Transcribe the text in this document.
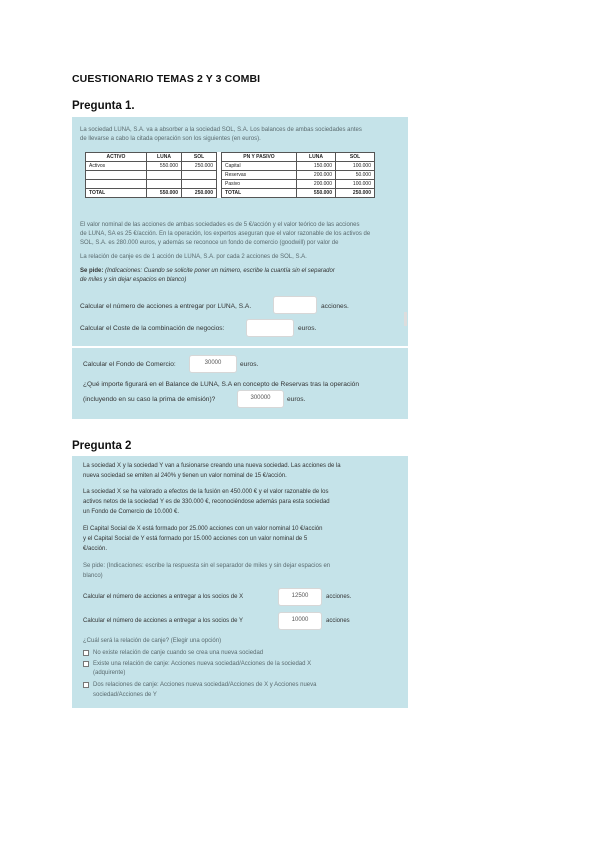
CUESTIONARIO TEMAS 2 Y 3 COMBI
Pregunta 1.
La sociedad LUNA, S.A. va a absorber a la sociedad SOL, S.A. Los balances de ambas sociedades antes
de llevarse a cabo la citada operación son los siguientes (en euros).
ACTIVO	LUNA	SOL		PN Y PASIVO	LUNA	SOL
Activos	550.000	250.000		Capital	150.000	100.000
				Reservas	200.000	50.000
				Pasivo	200.000	100.000
TOTAL	550.000	250.000		TOTAL	550.000	250.000
El valor nominal de las acciones de ambas sociedades es de 5 €/acción y el valor teórico de las acciones
de LUNA, SA es 25 €/acción. En la operación, los expertos aseguran que el valor razonable de los activos de
SOL, S.A. es 280.000 euros, y además se reconoce un fondo de comercio (goodwill) por valor de
La relación de canje es de 1 acción de LUNA, S.A. por cada 2 acciones de SOL, S.A.
Se pide: (Indicaciones: Cuando se solicite poner un número, escribe la cuantía sin el separador
de miles y sin dejar espacios en blanco)
Calcular el número de acciones a entregar por LUNA, S.A.	acciones.
Calcular el Coste de la combinación de negocios:	euros.
Calcular el Fondo de Comercio:	30000	euros.
¿Qué importe figurará en el Balance de LUNA, S.A en concepto de Reservas tras la operación
(incluyendo en su caso la prima de emisión)?	300000	euros.
Pregunta 2
La sociedad X y la sociedad Y van a fusionarse creando una nueva sociedad. Las acciones de la
nueva sociedad se emiten al 240% y tienen un valor nominal de 15 €/acción.
La sociedad X se ha valorado a efectos de la fusión en 450.000 € y el valor razonable de los
activos netos de la sociedad Y es de 330.000 €, reconociéndose además para esta sociedad
un Fondo de Comercio de 10.000 €.
El Capital Social de X está formado por 25.000 acciones con un valor nominal 10 €/acción
y el Capital Social de Y está formado por 15.000 acciones con un valor nominal de 5
€/acción.
Se pide: (Indicaciones: escribe la respuesta sin el separador de miles y sin dejar espacios en
blanco)
Calcular el número de acciones a entregar a los socios de X	12500	acciones.
Calcular el número de acciones a entregar a los socios de Y	10000	acciones
¿Cuál será la relación de canje? (Elegir una opción)
No existe relación de canje cuando se crea una nueva sociedad
Existe una relación de canje: Acciones nueva sociedad/Acciones de la sociedad X
(adquirente)
Dos relaciones de canje: Acciones nueva sociedad/Acciones de X y Acciones nueva
sociedad/Acciones de Y
